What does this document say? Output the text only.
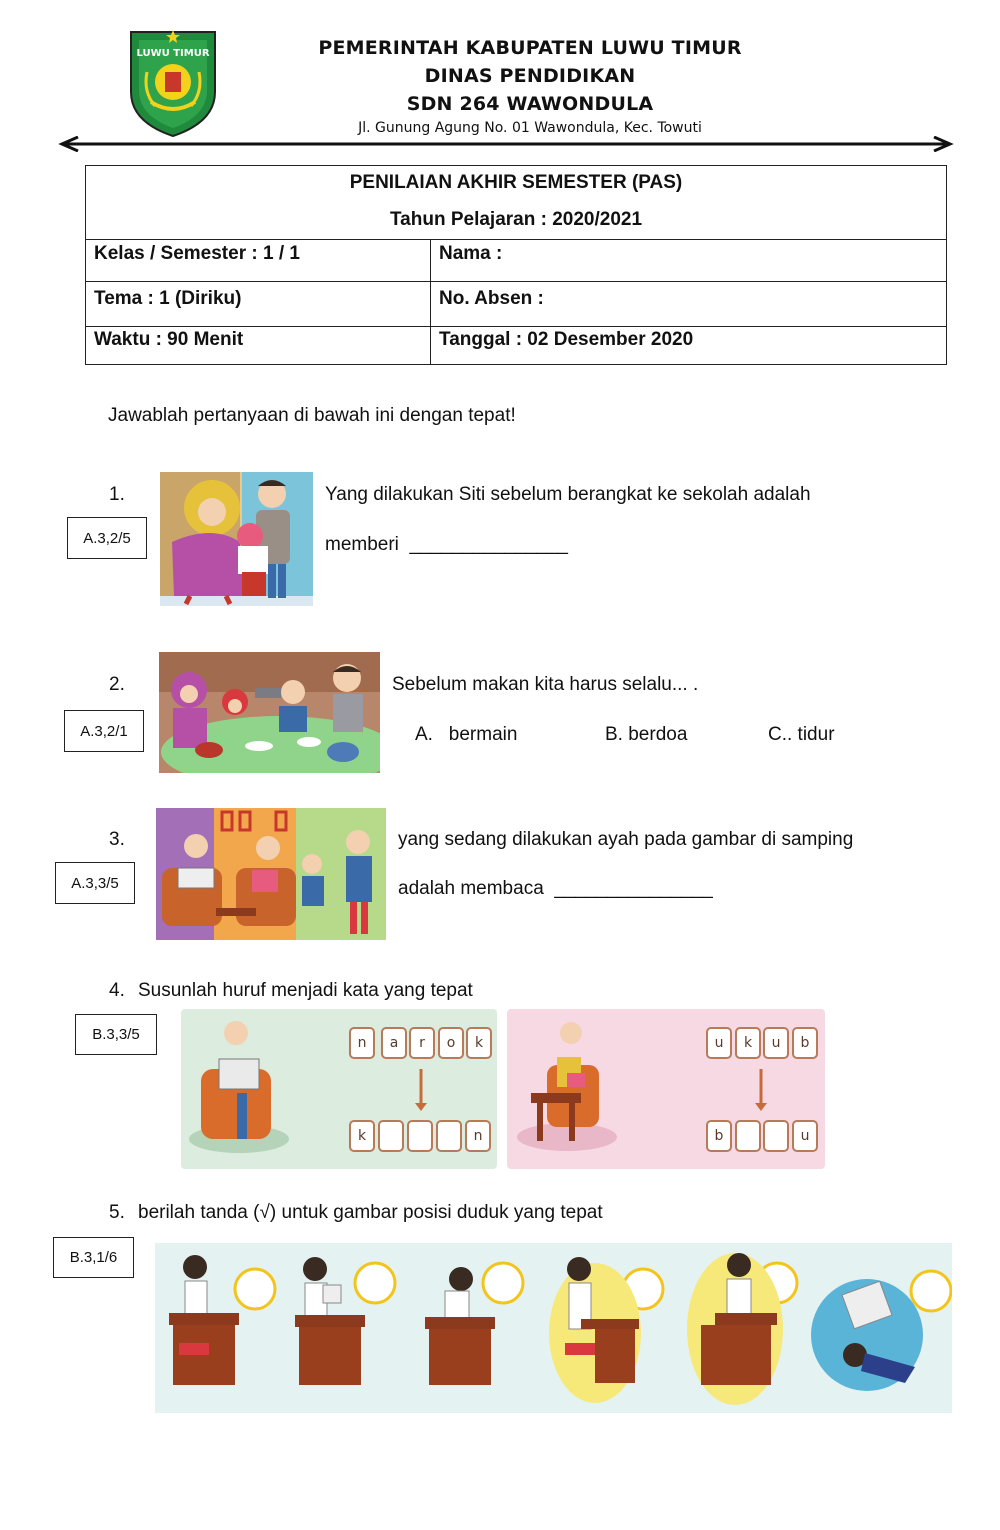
LUWU TIMUR	PEMERINTAH KABUPATEN LUWU TIMUR
DINAS PENDIDIKAN
SDN 264 WAWONDULA
Jl. Gunung Agung No. 01 Wawondula, Kec. Towuti
PENILAIAN AKHIR SEMESTER (PAS)
Tahun Pelajaran : 2020/2021	

Kelas / Semester : 1 / 1	Nama :
Tema : 1 (Diriku)	No. Absen :
Waktu : 90 Menit	Tanggal : 02 Desember 2020
Jawablah pertanyaan di bawah ini dengan tepat!
1.
A.3,2/5
Yang dilakukan Siti sebelum berangkat ke sekolah adalah
memberi  _______________
2.
A.3,2/1
Sebelum makan kita harus selalu... .
A.   bermain	B. berdoa	C.. tidur
3.
A.3,3/5
yang sedang dilakukan ayah pada gambar di samping
adalah membaca  _______________
4. Susunlah huruf menjadi kata yang tepat
B.3,3/5	n	a	r	o	k
k	n
u	k	u	b
b	u
5. berilah tanda (√) untuk gambar posisi duduk yang tepat
B.3,1/6
